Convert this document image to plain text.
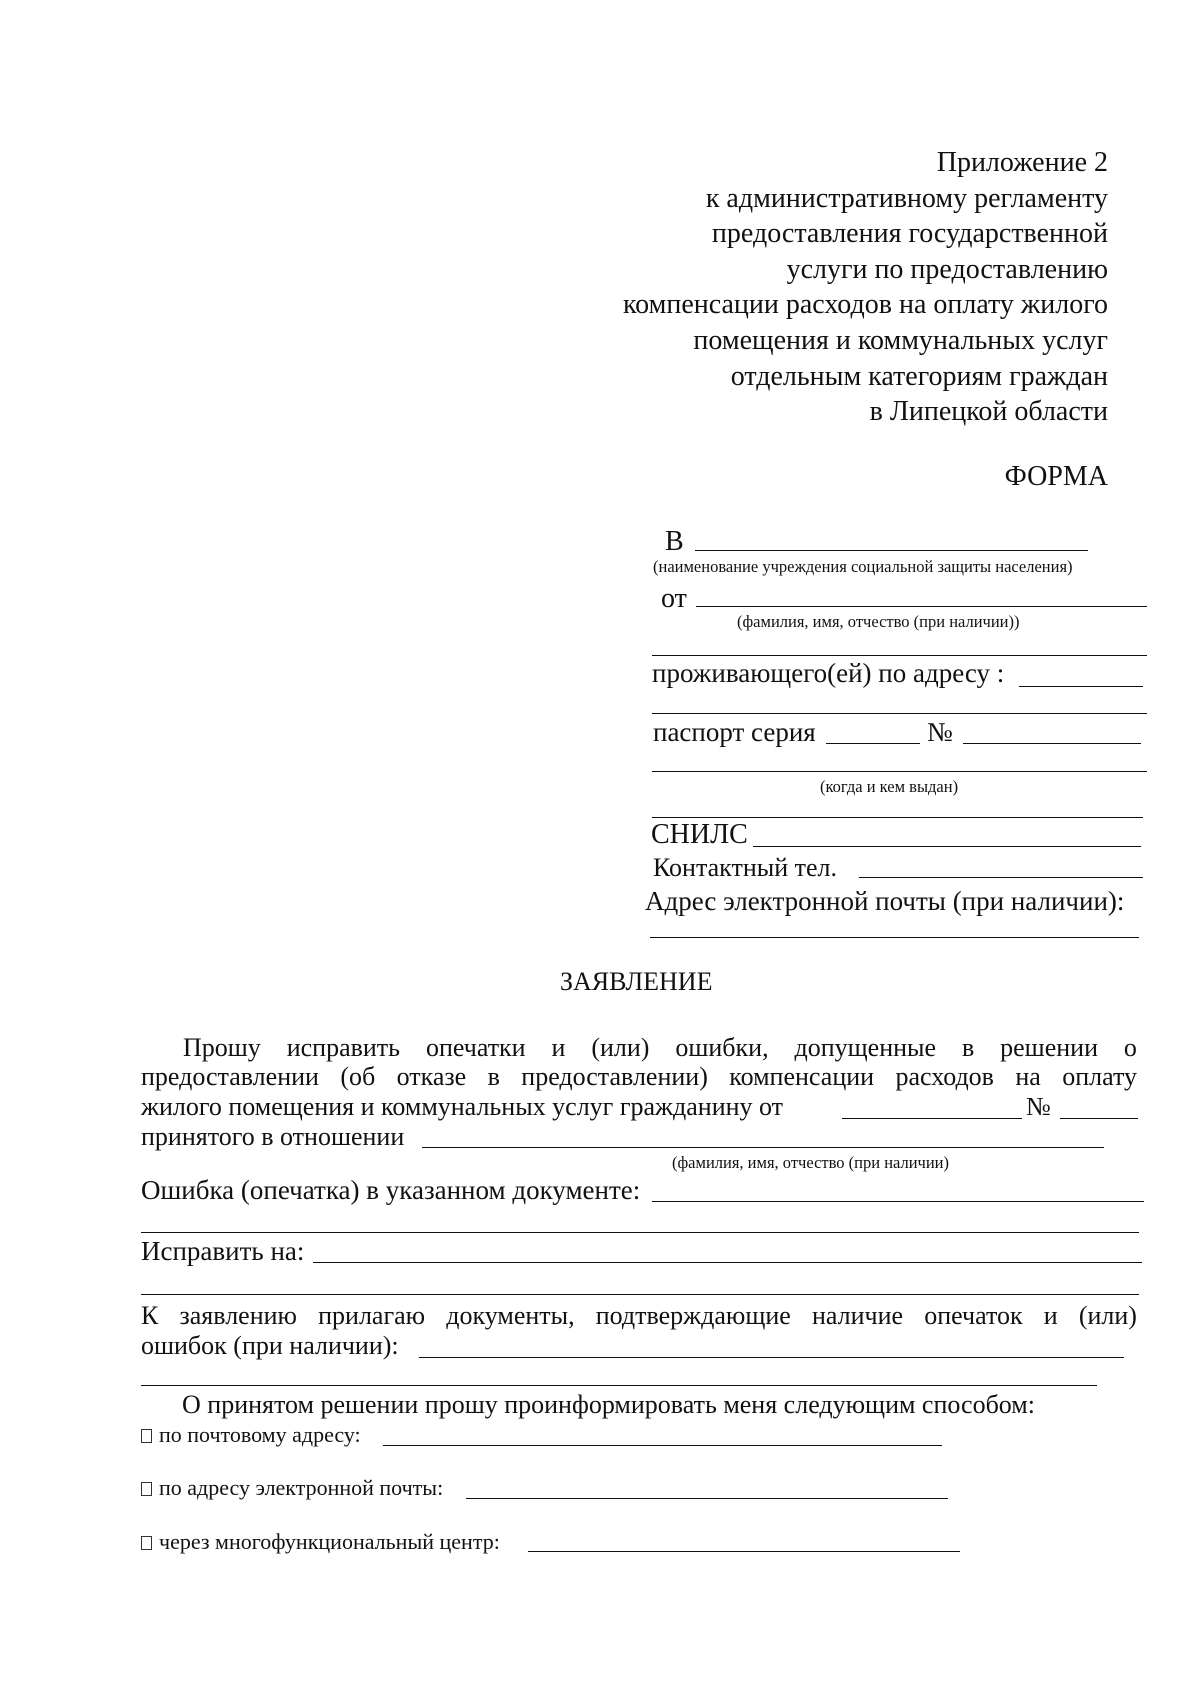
Приложение 2
к административному регламенту
предоставления государственной
услуги по предоставлению
компенсации расходов на оплату жилого
помещения и коммунальных услуг
отдельным категориям граждан
в Липецкой области
ФОРМА
В
(наименование учреждения социальной защиты населения)
от
(фамилия, имя, отчество (при наличии))
проживающего(ей) по адресу :
паспорт серия	№
(когда и кем выдан)
СНИЛС
Контактный тел.
Адрес электронной почты (при наличии):
ЗАЯВЛЕНИЕ
Прошу исправить опечатки и (или) ошибки, допущенные в решении о
предоставлении (об отказе в предоставлении) компенсации расходов на оплату
жилого помещения и коммунальных услуг гражданину от	№
принятого в отношении
(фамилия, имя, отчество (при наличии)
Ошибка (опечатка) в указанном документе:
Исправить на:
К заявлению прилагаю документы, подтверждающие наличие опечаток и (или)
ошибок (при наличии):
О принятом решении прошу проинформировать меня следующим способом:
по почтовому адресу:
по адресу электронной почты:
через многофункциональный центр:
